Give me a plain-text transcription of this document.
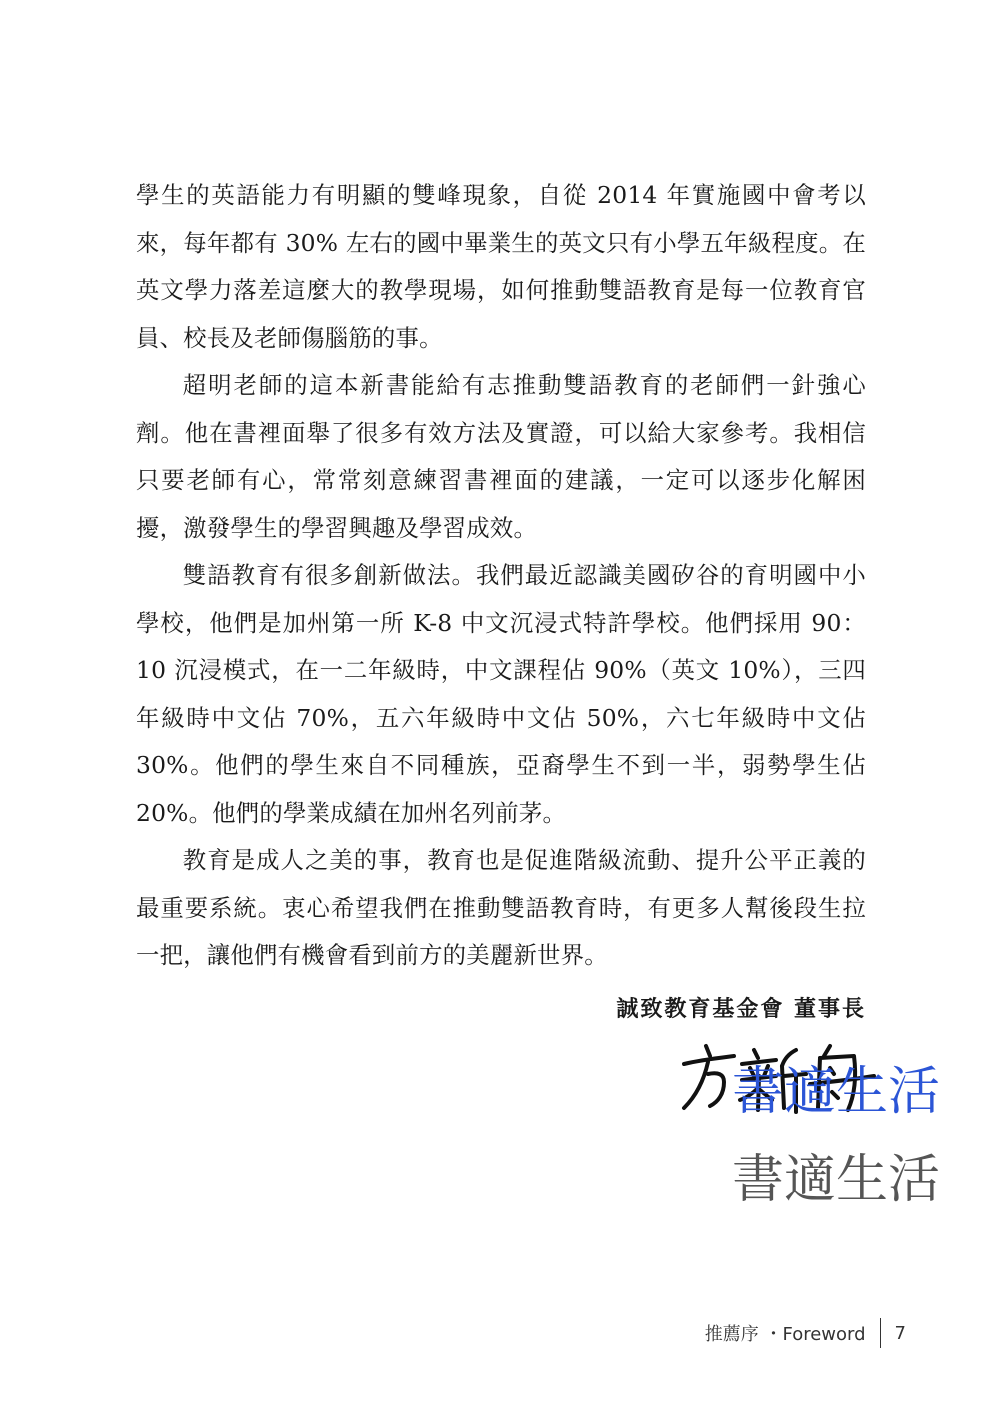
學生的英語能力有明顯的雙峰現象，自從 2014 年實施國中會考以來，每年都有 30% 左右的國中畢業生的英文只有小學五年級程度。在英文學力落差這麼大的教學現場，如何推動雙語教育是每一位教育官員、校長及老師傷腦筋的事。

超明老師的這本新書能給有志推動雙語教育的老師們一針強心劑。他在書裡面舉了很多有效方法及實證，可以給大家參考。我相信只要老師有心，常常刻意練習書裡面的建議，一定可以逐步化解困擾，激發學生的學習興趣及學習成效。

雙語教育有很多創新做法。我們最近認識美國矽谷的育明國中小學校，他們是加州第一所 K-8 中文沉浸式特許學校。他們採用 90：10 沉浸模式，在一二年級時，中文課程佔 90%（英文 10%），三四年級時中文佔 70%，五六年級時中文佔 50%，六七年級時中文佔 30%。他們的學生來自不同種族，亞裔學生不到一半，弱勢學生佔 20%。他們的學業成績在加州名列前茅。

教育是成人之美的事，教育也是促進階級流動、提升公平正義的最重要系統。衷心希望我們在推動雙語教育時，有更多人幫後段生拉一把，讓他們有機會看到前方的美麗新世界。

誠致教育基金會 董事長
書適生活
書適生活
推薦序 ・Foreword 7
